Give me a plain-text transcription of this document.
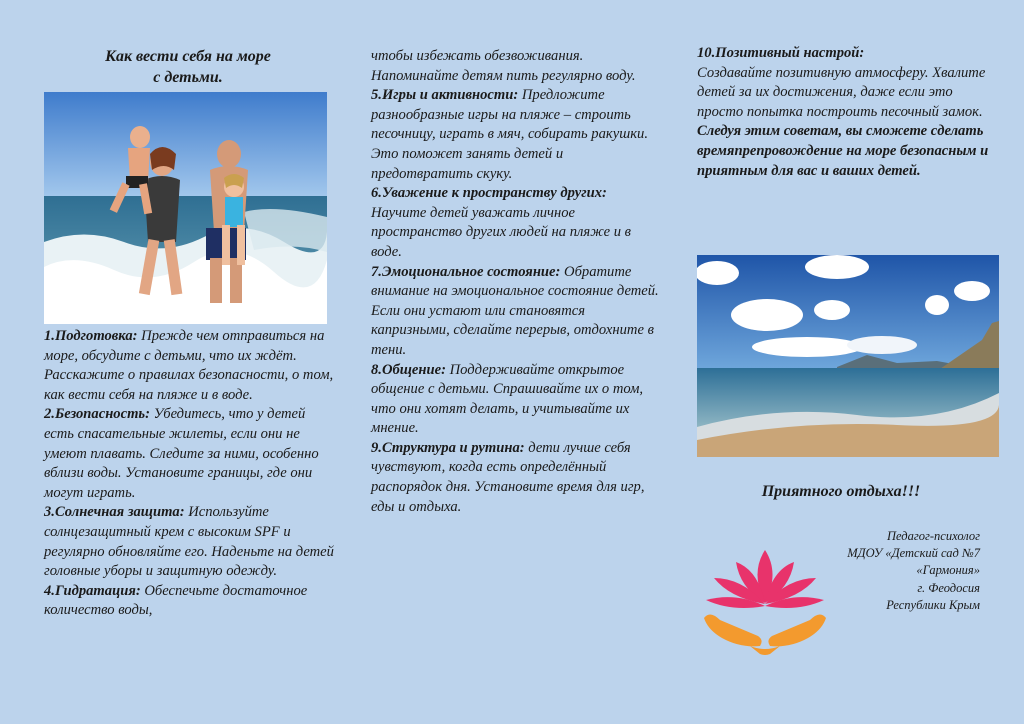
Как вести себя на море
с детьми.

1.Подготовка: Прежде чем отправиться на море, обсудите с детьми, что их ждёт. Расскажите о правилах безопасности, о том, как вести себя на пляже и в воде.

2.Безопасность: Убедитесь, что у детей есть спасательные жилеты, если они не умеют плавать. Следите за ними, особенно вблизи воды. Установите границы, где они могут играть.

3.Солнечная защита: Используйте солнцезащитный крем с высоким SPF и регулярно обновляйте его. Наденьте на детей головные уборы и защитную одежду.

4.Гидратация: Обеспечьте достаточное количество воды,

чтобы избежать обезвоживания. Напоминайте детям пить регулярно воду.

5.Игры и активности: Предложите разнообразные игры на пляже – строить песочницу, играть в мяч, собирать ракушки. Это поможет занять детей и предотвратить скуку.

6.Уважение к пространству других: Научите детей уважать личное пространство других людей на пляже и в воде.

7.Эмоциональное состояние: Обратите внимание на эмоциональное состояние детей. Если они устают или становятся капризными, сделайте перерыв, отдохните в тени.

8.Общение: Поддерживайте открытое общение с детьми. Спрашивайте их о том, что они хотят делать, и учитывайте их мнение.

9.Структура и рутина: дети лучше себя чувствуют, когда есть определённый распорядок дня. Установите время для игр, еды и отдыха.

10.Позитивный настрой:
Создавайте позитивную атмосферу. Хвалите детей за их достижения, даже если это просто попытка построить песочный замок.

Следуя этим советам, вы сможете сделать времяпрепровождение на море безопасным и приятным для вас и ваших детей.

Приятного отдыха!!!
Педагог-психолог
МДОУ «Детский сад №7
«Гармония»
г. Феодосия
Республики Крым
